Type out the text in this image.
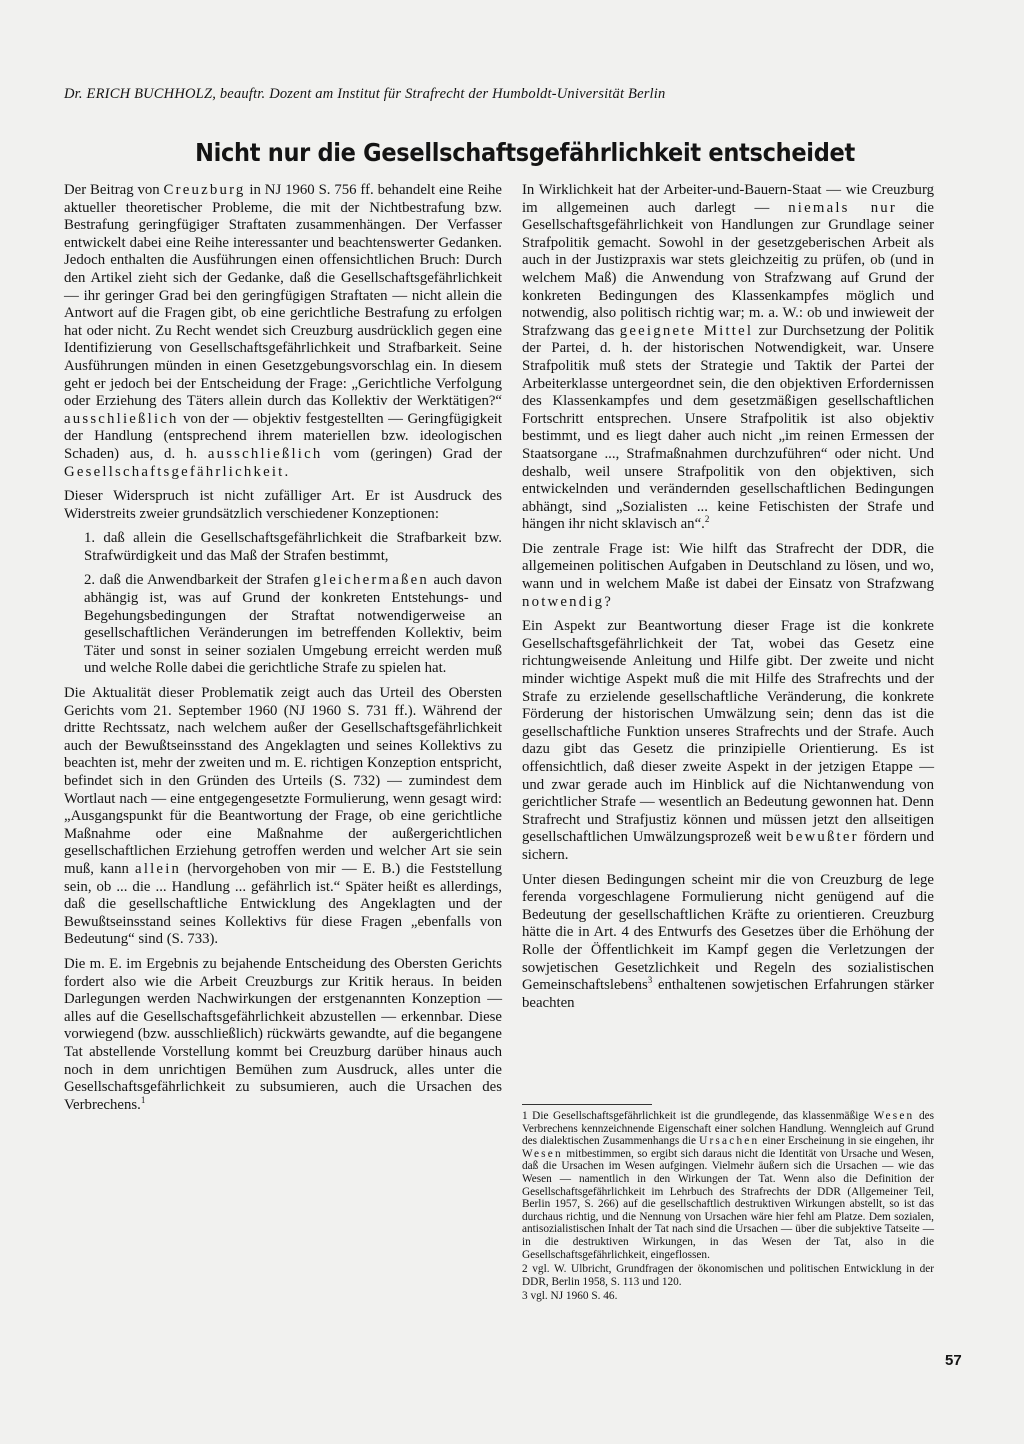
Dr. ERICH BUCHHOLZ, beauftr. Dozent am Institut für Strafrecht der Humboldt-Universität Berlin
Nicht nur die Gesellschaftsgefährlichkeit entscheidet

Der Beitrag von Creuzburg in NJ 1960 S. 756 ff. behandelt eine Reihe aktueller theoretischer Probleme, die mit der Nichtbestrafung bzw. Bestrafung geringfügiger Straftaten zusammenhängen. Der Verfasser entwickelt dabei eine Reihe interessanter und beachtenswerter Gedanken. Jedoch enthalten die Ausführungen einen offensichtlichen Bruch: Durch den Artikel zieht sich der Gedanke, daß die Gesellschaftsgefährlichkeit — ihr geringer Grad bei den geringfügigen Straftaten — nicht allein die Antwort auf die Fragen gibt, ob eine gerichtliche Bestrafung zu erfolgen hat oder nicht. Zu Recht wendet sich Creuzburg ausdrücklich gegen eine Identifizierung von Gesellschaftsgefährlichkeit und Strafbarkeit. Seine Ausführungen münden in einen Gesetzgebungsvorschlag ein. In diesem geht er jedoch bei der Entscheidung der Frage: „Gerichtliche Verfolgung oder Erziehung des Täters allein durch das Kollektiv der Werktätigen?“ ausschließlich von der — objektiv festgestellten — Geringfügigkeit der Handlung (entsprechend ihrem materiellen bzw. ideologischen Schaden) aus, d. h. ausschließlich vom (geringen) Grad der Gesellschaftsgefährlichkeit.

Dieser Widerspruch ist nicht zufälliger Art. Er ist Ausdruck des Widerstreits zweier grundsätzlich verschiedener Konzeptionen:

1. daß allein die Gesellschaftsgefährlichkeit die Strafbarkeit bzw. Strafwürdigkeit und das Maß der Strafen bestimmt,

2. daß die Anwendbarkeit der Strafen gleichermaßen auch davon abhängig ist, was auf Grund der konkreten Entstehungs- und Begehungsbedingungen der Straftat notwendigerweise an gesellschaftlichen Veränderungen im betreffenden Kollektiv, beim Täter und sonst in seiner sozialen Umgebung erreicht werden muß und welche Rolle dabei die gerichtliche Strafe zu spielen hat.

Die Aktualität dieser Problematik zeigt auch das Urteil des Obersten Gerichts vom 21. September 1960 (NJ 1960 S. 731 ff.). Während der dritte Rechtssatz, nach welchem außer der Gesellschaftsgefährlichkeit auch der Bewußtseinsstand des Angeklagten und seines Kollektivs zu beachten ist, mehr der zweiten und m. E. richtigen Konzeption entspricht, befindet sich in den Gründen des Urteils (S. 732) — zumindest dem Wortlaut nach — eine entgegengesetzte Formulierung, wenn gesagt wird: „Ausgangspunkt für die Beantwortung der Frage, ob eine gerichtliche Maßnahme oder eine Maßnahme der außergerichtlichen gesellschaftlichen Erziehung getroffen werden und welcher Art sie sein muß, kann allein (hervorgehoben von mir — E. B.) die Feststellung sein, ob ... die ... Handlung ... gefährlich ist.“ Später heißt es allerdings, daß die gesellschaftliche Entwicklung des Angeklagten und der Bewußtseinsstand seines Kollektivs für diese Fragen „ebenfalls von Bedeutung“ sind (S. 733).

Die m. E. im Ergebnis zu bejahende Entscheidung des Obersten Gerichts fordert also wie die Arbeit Creuzburgs zur Kritik heraus. In beiden Darlegungen werden Nachwirkungen der erstgenannten Konzeption — alles auf die Gesellschaftsgefährlichkeit abzustellen — erkennbar. Diese vorwiegend (bzw. ausschließlich) rückwärts gewandte, auf die begangene Tat abstellende Vorstellung kommt bei Creuzburg darüber hinaus auch noch in dem unrichtigen Bemühen zum Ausdruck, alles unter die Gesellschaftsgefährlichkeit zu subsumieren, auch die Ursachen des Verbrechens.$^1$

In Wirklichkeit hat der Arbeiter-und-Bauern-Staat — wie Creuzburg im allgemeinen auch darlegt — niemals nur die Gesellschaftsgefährlichkeit von Handlungen zur Grundlage seiner Strafpolitik gemacht. Sowohl in der gesetzgeberischen Arbeit als auch in der Justizpraxis war stets gleichzeitig zu prüfen, ob (und in welchem Maß) die Anwendung von Strafzwang auf Grund der konkreten Bedingungen des Klassenkampfes möglich und notwendig, also politisch richtig war; m. a. W.: ob und inwieweit der Strafzwang das geeignete Mittel zur Durchsetzung der Politik der Partei, d. h. der historischen Notwendigkeit, war. Unsere Strafpolitik muß stets der Strategie und Taktik der Partei der Arbeiterklasse untergeordnet sein, die den objektiven Erfordernissen des Klassenkampfes und dem gesetzmäßigen gesellschaftlichen Fortschritt entsprechen. Unsere Strafpolitik ist also objektiv bestimmt, und es liegt daher auch nicht „im reinen Ermessen der Staatsorgane ..., Strafmaßnahmen durchzuführen“ oder nicht. Und deshalb, weil unsere Strafpolitik von den objektiven, sich entwickelnden und verändernden gesellschaftlichen Bedingungen abhängt, sind „Sozialisten ... keine Fetischisten der Strafe und hängen ihr nicht sklavisch an“.$^2$

Die zentrale Frage ist: Wie hilft das Strafrecht der DDR, die allgemeinen politischen Aufgaben in Deutschland zu lösen, und wo, wann und in welchem Maße ist dabei der Einsatz von Strafzwang notwendig?

Ein Aspekt zur Beantwortung dieser Frage ist die konkrete Gesellschaftsgefährlichkeit der Tat, wobei das Gesetz eine richtungweisende Anleitung und Hilfe gibt. Der zweite und nicht minder wichtige Aspekt muß die mit Hilfe des Strafrechts und der Strafe zu erzielende gesellschaftliche Veränderung, die konkrete Förderung der historischen Umwälzung sein; denn das ist die gesellschaftliche Funktion unseres Strafrechts und der Strafe. Auch dazu gibt das Gesetz die prinzipielle Orientierung. Es ist offensichtlich, daß dieser zweite Aspekt in der jetzigen Etappe — und zwar gerade auch im Hinblick auf die Nichtanwendung von gerichtlicher Strafe — wesentlich an Bedeutung gewonnen hat. Denn Strafrecht und Strafjustiz können und müssen jetzt den allseitigen gesellschaftlichen Umwälzungsprozeß weit bewußter fördern und sichern.

Unter diesen Bedingungen scheint mir die von Creuzburg de lege ferenda vorgeschlagene Formulierung nicht genügend auf die Bedeutung der gesellschaftlichen Kräfte zu orientieren. Creuzburg hätte die in Art. 4 des Entwurfs des Gesetzes über die Erhöhung der Rolle der Öffentlichkeit im Kampf gegen die Verletzungen der sowjetischen Gesetzlichkeit und Regeln des sozialistischen Gemeinschaftslebens$^3$ enthaltenen sowjetischen Erfahrungen stärker beachten

1 Die Gesellschaftsgefährlichkeit ist die grundlegende, das klassenmäßige Wesen des Verbrechens kennzeichnende Eigenschaft einer solchen Handlung. Wenngleich auf Grund des dialektischen Zusammenhangs die Ursachen einer Erscheinung in sie eingehen, ihr Wesen mitbestimmen, so ergibt sich daraus nicht die Identität von Ursache und Wesen, daß die Ursachen im Wesen aufgingen. Vielmehr äußern sich die Ursachen — wie das Wesen — namentlich in den Wirkungen der Tat. Wenn also die Definition der Gesellschaftsgefährlichkeit im Lehrbuch des Strafrechts der DDR (Allgemeiner Teil, Berlin 1957, S. 266) auf die gesellschaftlich destruktiven Wirkungen abstellt, so ist das durchaus richtig, und die Nennung von Ursachen wäre hier fehl am Platze. Dem sozialen, antisozialistischen Inhalt der Tat nach sind die Ursachen — über die subjektive Tatseite — in die destruktiven Wirkungen, in das Wesen der Tat, also in die Gesellschaftsgefährlichkeit, eingeflossen.

2 vgl. W. Ulbricht, Grundfragen der ökonomischen und politischen Entwicklung in der DDR, Berlin 1958, S. 113 und 120.

3 vgl. NJ 1960 S. 46.

57
